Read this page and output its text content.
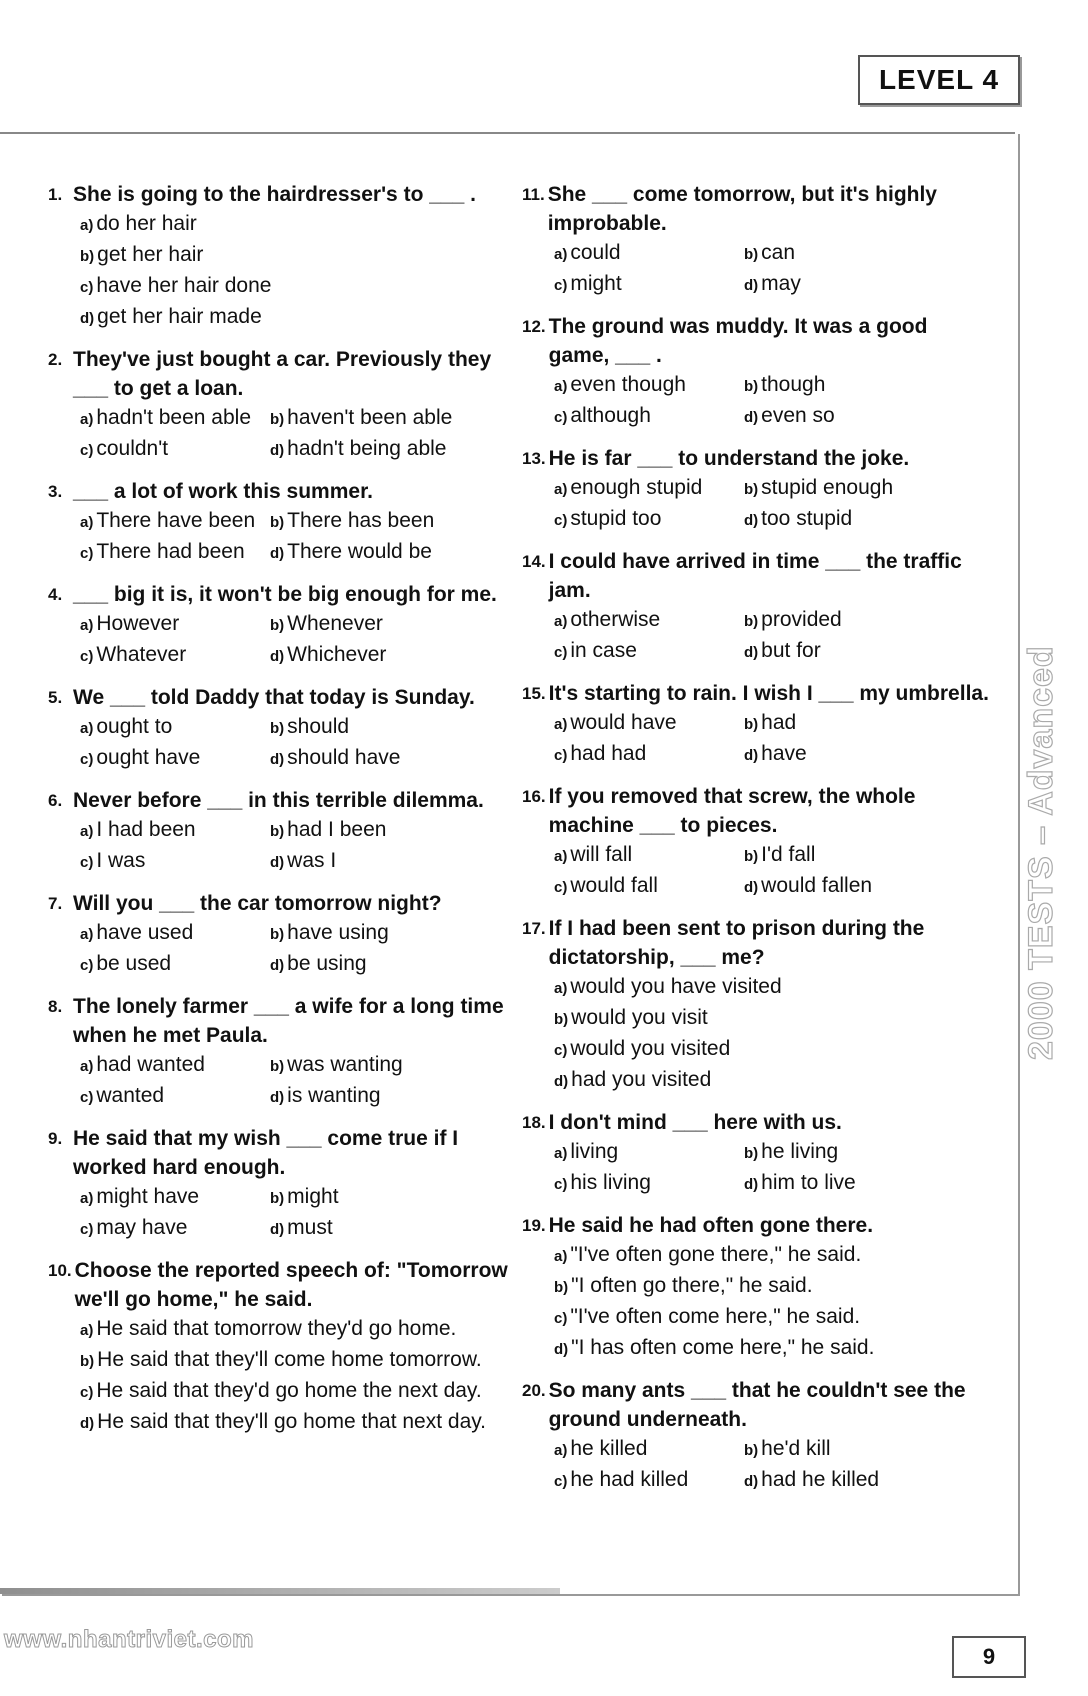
LEVEL 4
1. She is going to the hairdresser's to ___ .
a) do her hair
b) get her hair
c) have her hair done
d) get her hair made
2. They've just bought a car. Previously they ___ to get a loan.
a) hadn't been able	b) haven't been able
c) couldn't	d) hadn't being able
3. ___ a lot of work this summer.
a) There have been b) There has been
c) There had been	d) There would be
4. ___ big it is, it won't be big enough for me.
a) However	b) Whenever
c) Whatever	d) Whichever
5. We ___ told Daddy that today is Sunday.
a) ought to	b) should
c) ought have	d) should have
6. Never before ___ in this terrible dilemma.
a) I had been	b) had I been
c) I was	d) was I
7. Will you ___ the car tomorrow night?
a) have used	b) have using
c) be used	d) be using
8. The lonely farmer ___ a wife for a long time when he met Paula.
a) had wanted	b) was wanting
c) wanted	d) is wanting
9. He said that my wish ___ come true if I worked hard enough.
a) might have	b) might
c) may have	d) must
10. Choose the reported speech of: "Tomorrow we'll go home," he said.
a) He said that tomorrow they'd go home.
b) He said that they'll come home tomorrow.
c) He said that they'd go home the next day.
d) He said that they'll go home that next day.
11. She ___ come tomorrow, but it's highly improbable.
a) could	b) can
c) might	d) may
12. The ground was muddy. It was a good game, ___ .
a) even though	b) though
c) although	d) even so
13. He is far ___ to understand the joke.
a) enough stupid	b) stupid enough
c) stupid too	d) too stupid
14. I could have arrived in time ___ the traffic jam.
a) otherwise	b) provided
c) in case	d) but for
15. It's starting to rain. I wish I ___ my umbrella.
a) would have	b) had
c) had had	d) have
16. If you removed that screw, the whole machine ___ to pieces.
a) will fall	b) I'd fall
c) would fall	d) would fallen
17. If I had been sent to prison during the dictatorship, ___ me?
a) would you have visited
b) would you visit
c) would you visited
d) had you visited
18. I don't mind ___ here with us.
a) living	b) he living
c) his living	d) him to live
19. He said he had often gone there.
a) "I've often gone there," he said.
b) "I often go there," he said.
c) "I've often come here," he said.
d) "I has often come here," he said.
20. So many ants ___ that he couldn't see the ground underneath.
a) he killed	b) he'd kill
c) he had killed	d) had he killed
2000 TESTS – Advanced
www.nhantriviet.com
9
